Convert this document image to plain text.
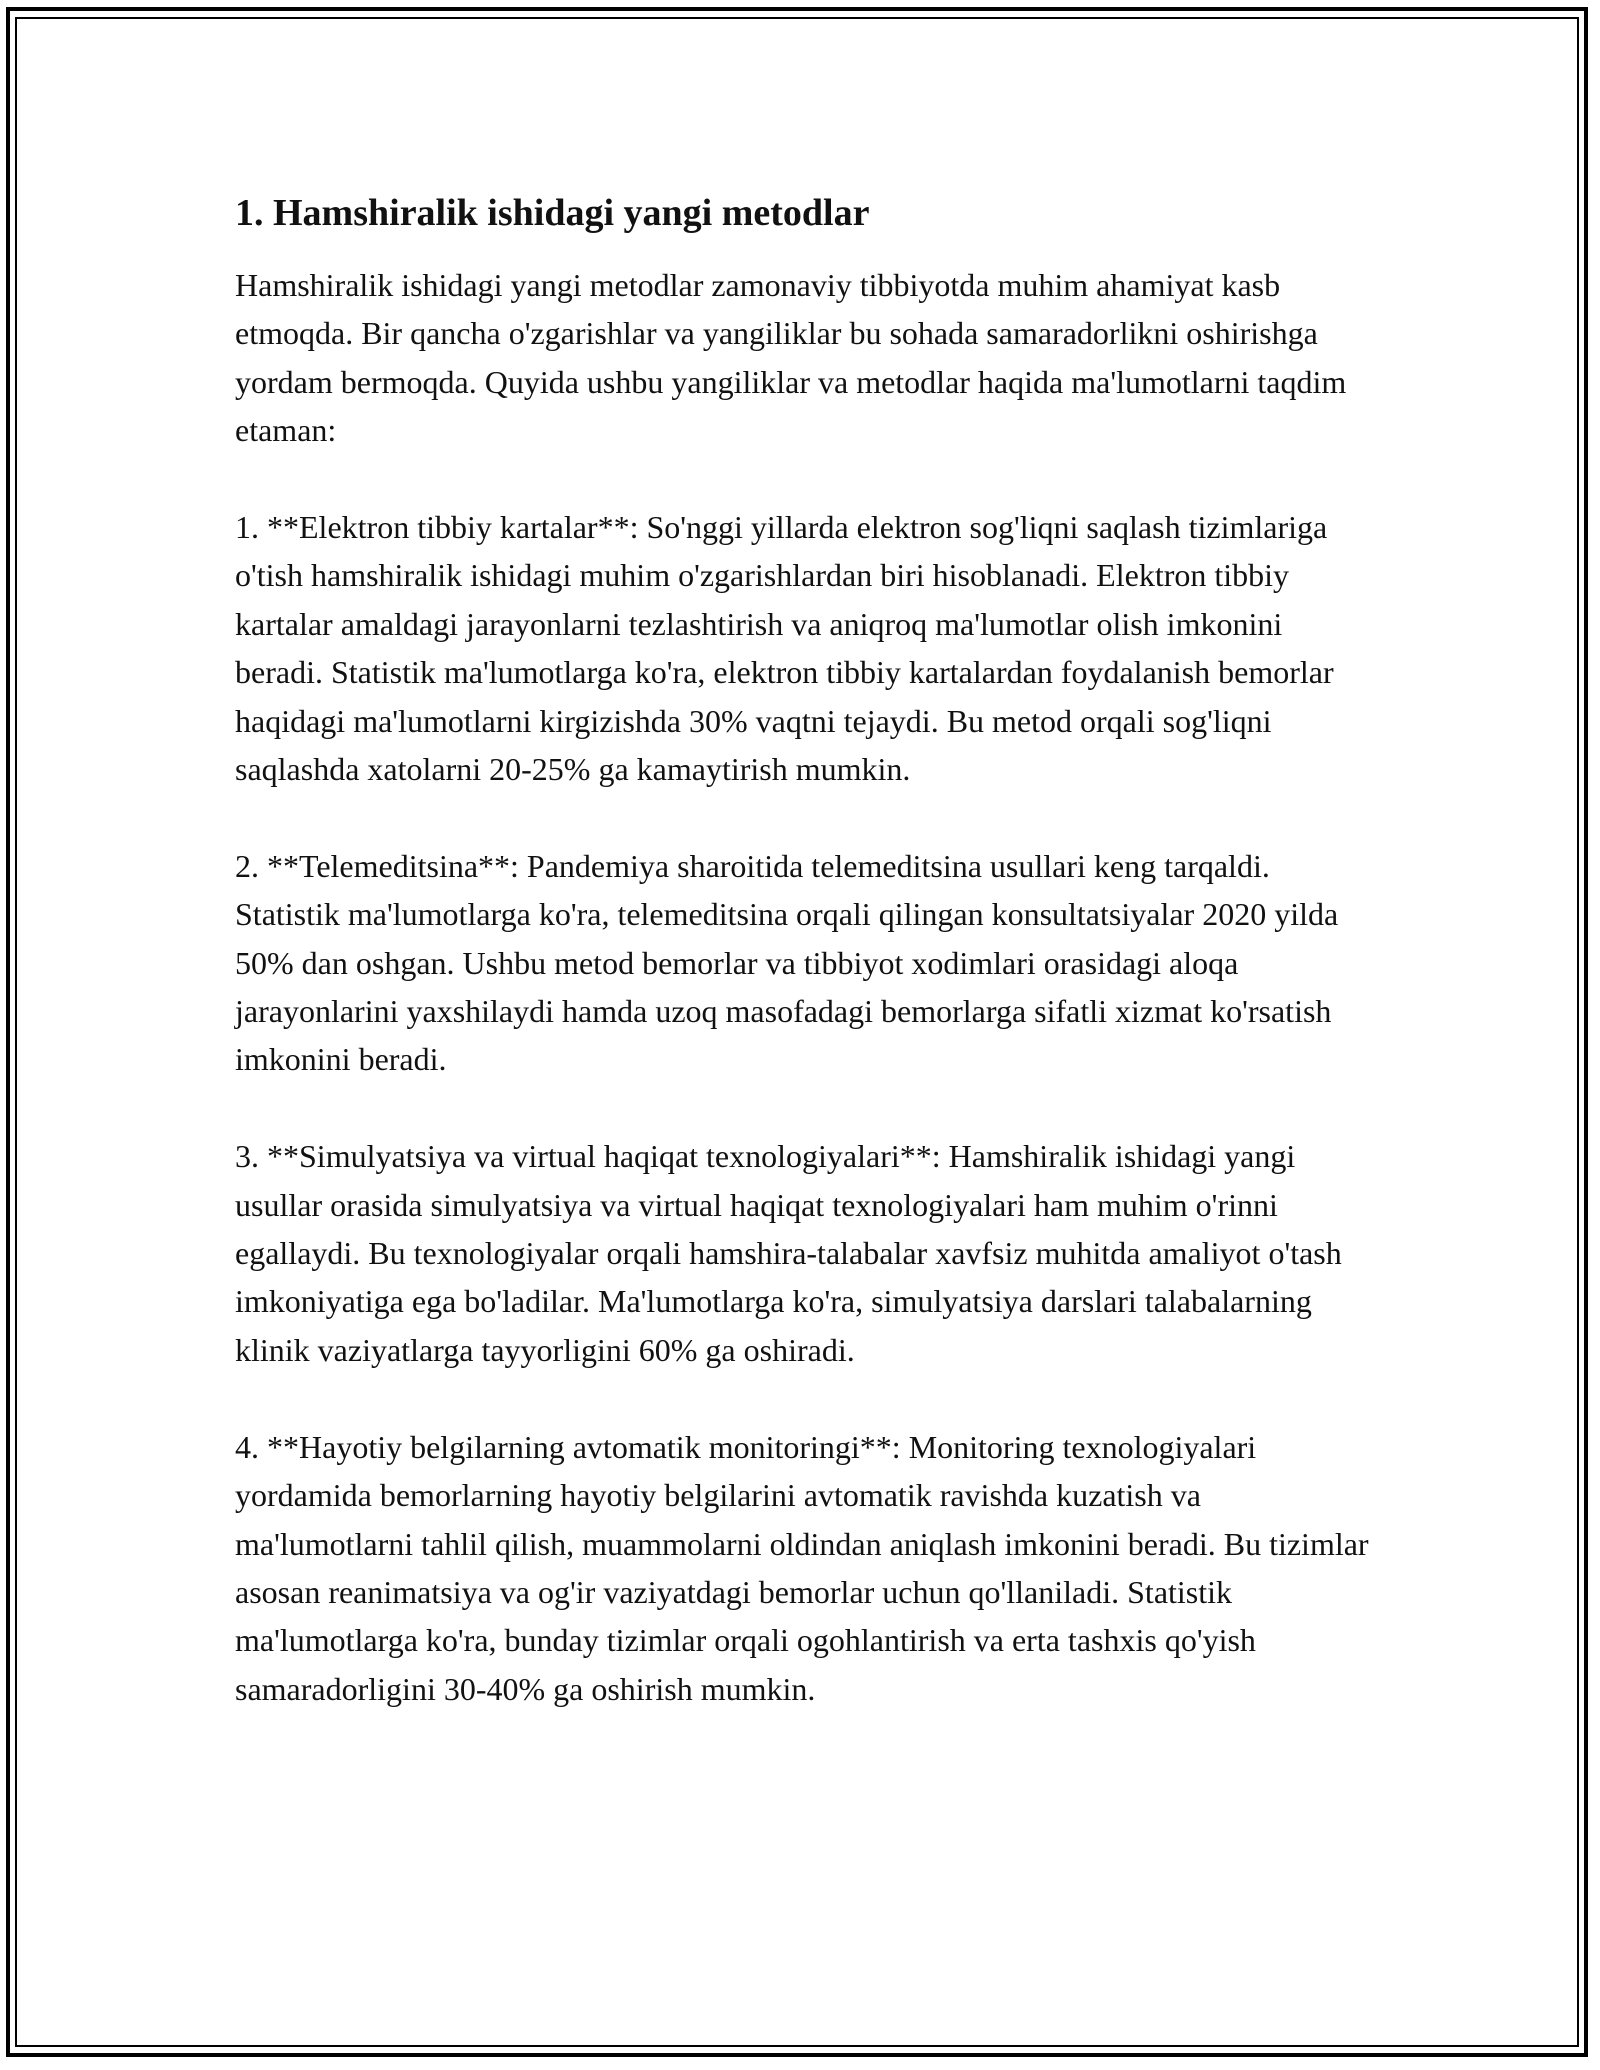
1. Hamshiralik ishidagi yangi metodlar

Hamshiralik ishidagi yangi metodlar zamonaviy tibbiyotda muhim ahamiyat kasb etmoqda. Bir qancha o'zgarishlar va yangiliklar bu sohada samaradorlikni oshirishga yordam bermoqda. Quyida ushbu yangiliklar va metodlar haqida ma'lumotlarni taqdim etaman:

1. **Elektron tibbiy kartalar**: So'nggi yillarda elektron sog'liqni saqlash tizimlariga o'tish hamshiralik ishidagi muhim o'zgarishlardan biri hisoblanadi. Elektron tibbiy kartalar amaldagi jarayonlarni tezlashtirish va aniqroq ma'lumotlar olish imkonini beradi. Statistik ma'lumotlarga ko'ra, elektron tibbiy kartalardan foydalanish bemorlar haqidagi ma'lumotlarni kirgizishda 30% vaqtni tejaydi. Bu metod orqali sog'liqni saqlashda xatolarni 20-25% ga kamaytirish mumkin.

2. **Telemeditsina**: Pandemiya sharoitida telemeditsina usullari keng tarqaldi. Statistik ma'lumotlarga ko'ra, telemeditsina orqali qilingan konsultatsiyalar 2020 yilda 50% dan oshgan. Ushbu metod bemorlar va tibbiyot xodimlari orasidagi aloqa jarayonlarini yaxshilaydi hamda uzoq masofadagi bemorlarga sifatli xizmat ko'rsatish imkonini beradi.

3. **Simulyatsiya va virtual haqiqat texnologiyalari**: Hamshiralik ishidagi yangi usullar orasida simulyatsiya va virtual haqiqat texnologiyalari ham muhim o'rinni egallaydi. Bu texnologiyalar orqali hamshira-talabalar xavfsiz muhitda amaliyot o'tash imkoniyatiga ega bo'ladilar. Ma'lumotlarga ko'ra, simulyatsiya darslari talabalarning klinik vaziyatlarga tayyorligini 60% ga oshiradi.

4. **Hayotiy belgilarning avtomatik monitoringi**: Monitoring texnologiyalari yordamida bemorlarning hayotiy belgilarini avtomatik ravishda kuzatish va ma'lumotlarni tahlil qilish, muammolarni oldindan aniqlash imkonini beradi. Bu tizimlar asosan reanimatsiya va og'ir vaziyatdagi bemorlar uchun qo'llaniladi. Statistik ma'lumotlarga ko'ra, bunday tizimlar orqali ogohlantirish va erta tashxis qo'yish samaradorligini 30-40% ga oshirish mumkin.
